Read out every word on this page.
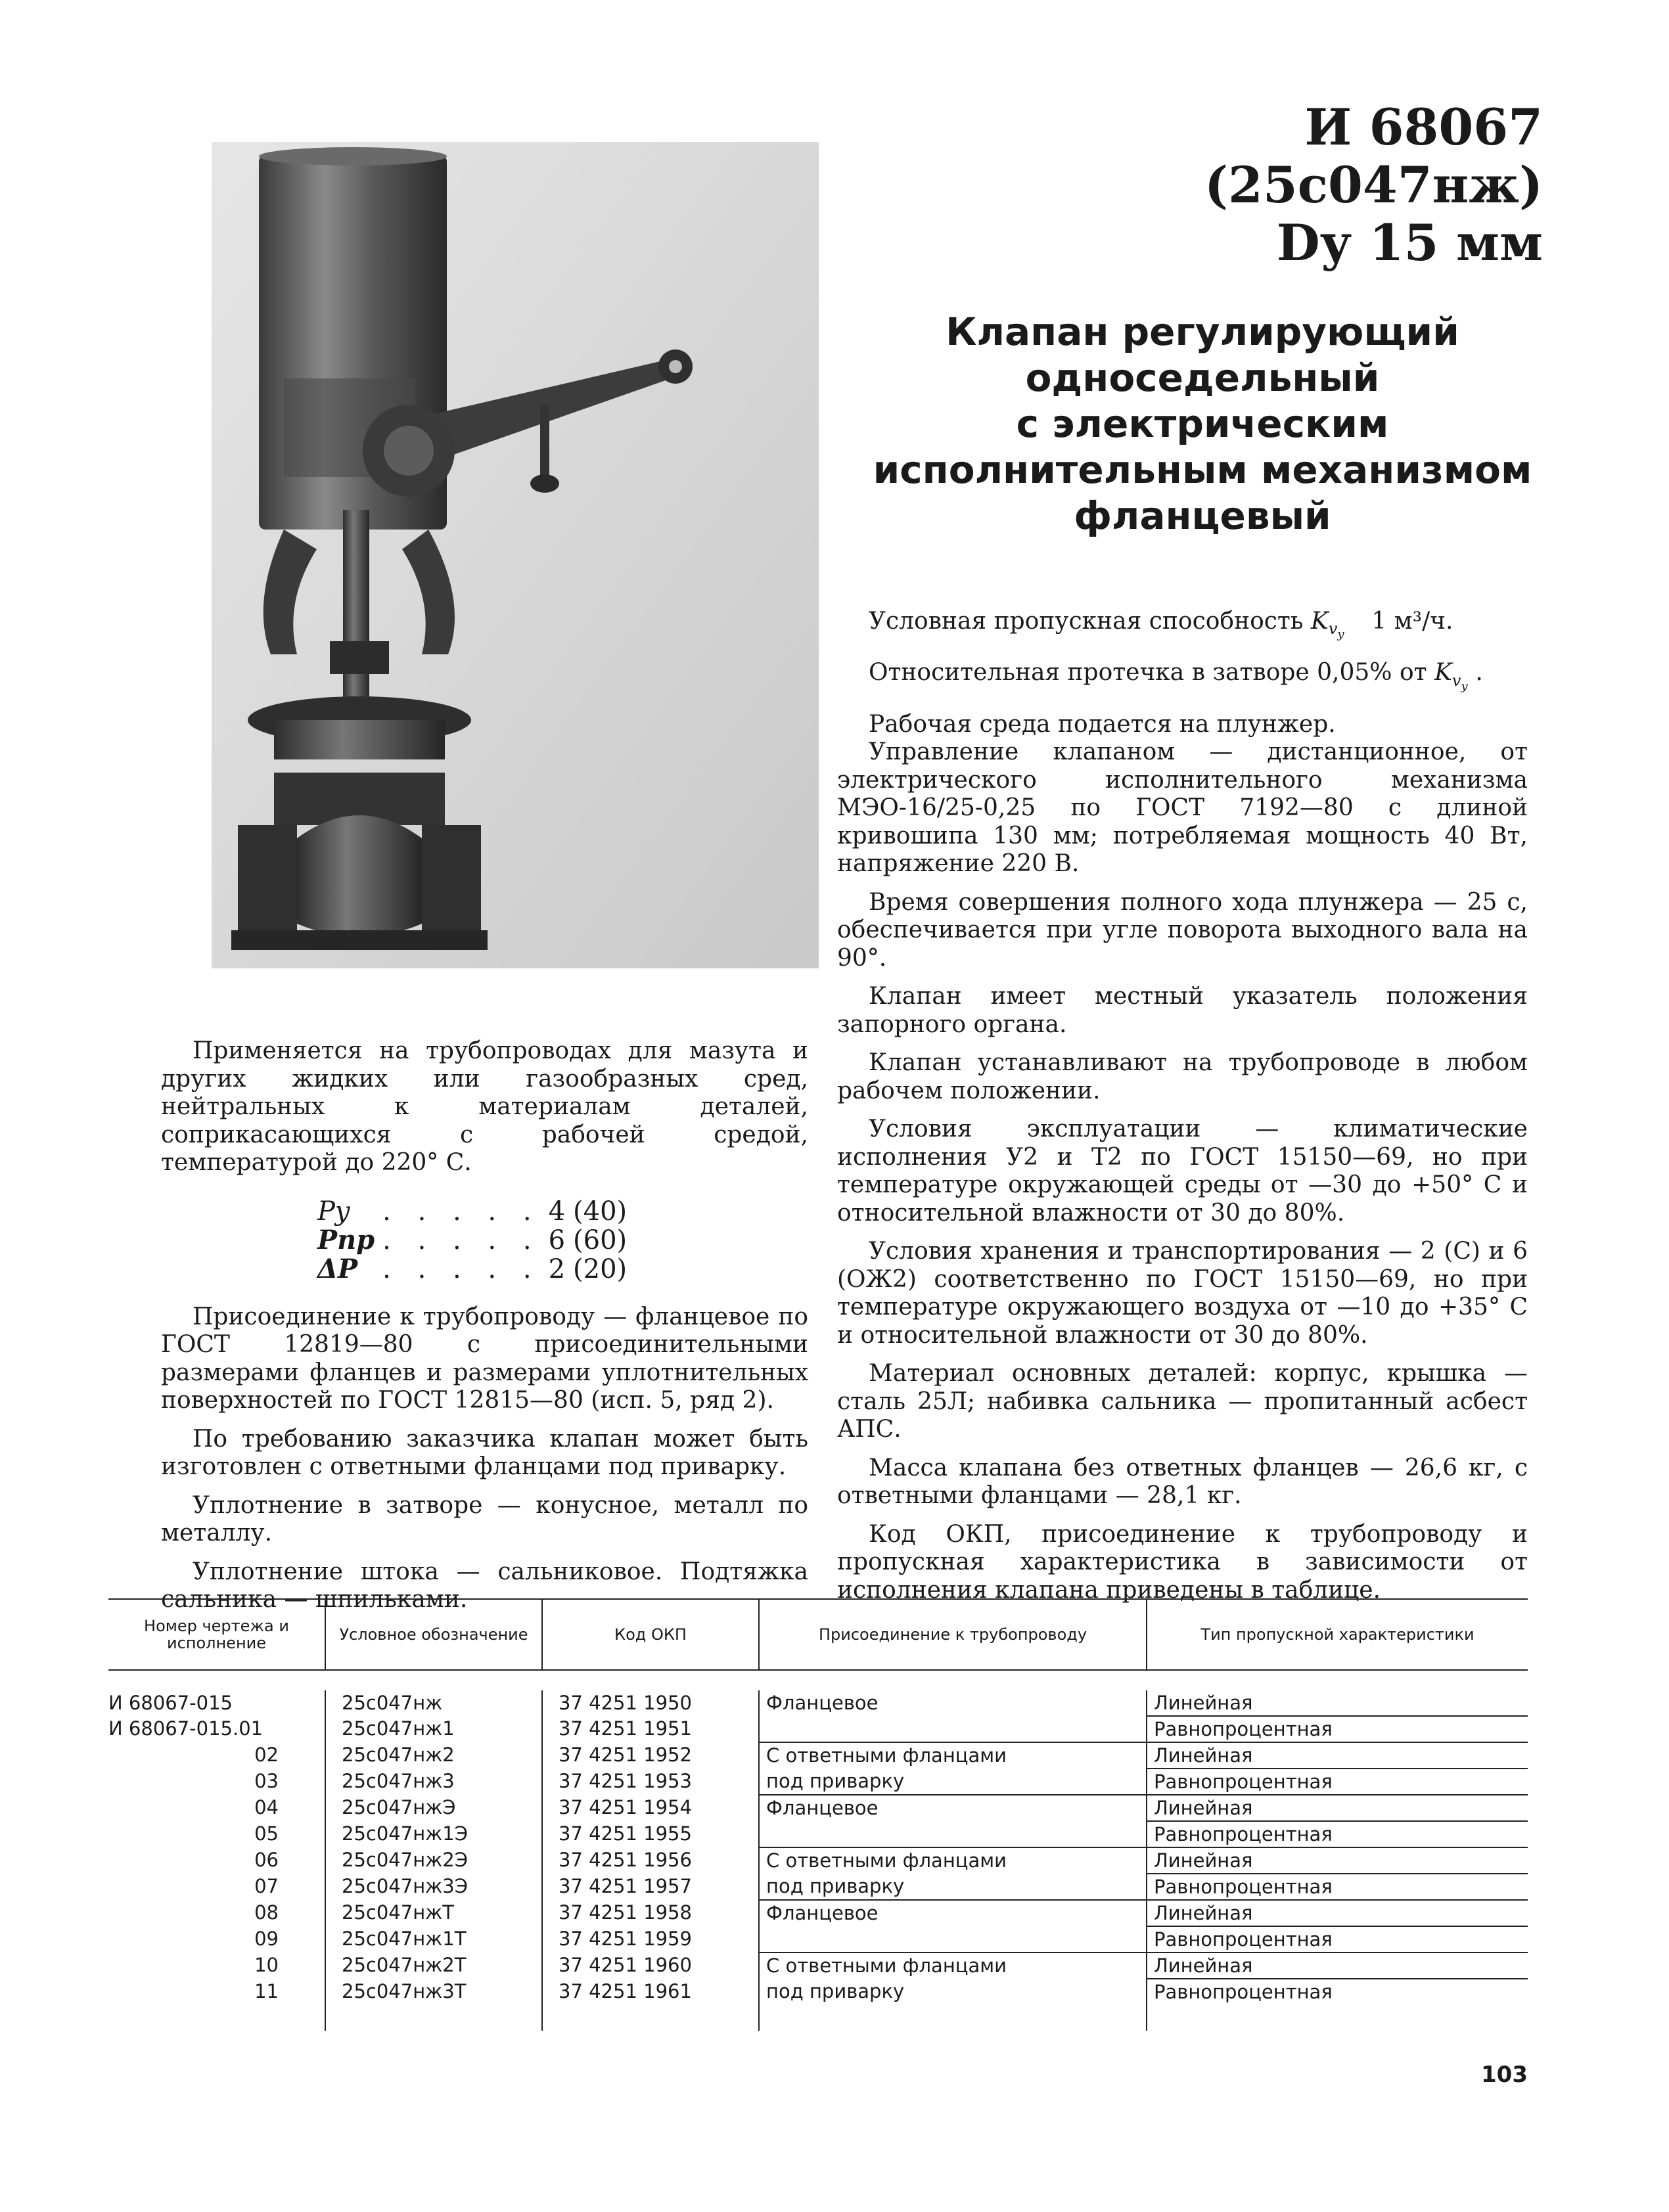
И 68067
(25с047нж)
Dу 15 мм
Клапан регулирующий
односедельный
с электрическим
исполнительным механизмом
фланцевый

Применяется на трубопроводах для мазута и других жидких или газообразных сред, нейтральных к материалам деталей, соприкасающихся с рабочей средой, температурой до 220° С.

Py	. . . . .	4	(40)
Pпр	. . . . .	6	(60)
ΔP	. . . . .	2	(20)

Присоединение к трубопроводу — фланцевое по ГОСТ 12819—80 с присоединительными размерами фланцев и размерами уплотнительных поверхностей по ГОСТ 12815—80 (исп. 5, ряд 2).

По требованию заказчика клапан может быть изготовлен с ответными фланцами под приварку.

Уплотнение в затворе — конусное, металл по металлу.

Уплотнение штока — сальниковое. Подтяжка сальника — шпильками.

Условная пропускная способность $K_{v_у}$ 1 м³/ч.

Относительная протечка в затворе 0,05% от $K_{v_у}$ .

Рабочая среда подается на плунжер.

Управление клапаном — дистанционное, от электрического исполнительного механизма МЭО-16/25-0,25 по ГОСТ 7192—80 с длиной кривошипа 130 мм; потребляемая мощность 40 Вт, напряжение 220 В.

Время совершения полного хода плунжера — 25 с, обеспечивается при угле поворота выходного вала на 90°.

Клапан имеет местный указатель положения запорного органа.

Клапан устанавливают на трубопроводе в любом рабочем положении.

Условия эксплуатации — климатические исполнения У2 и Т2 по ГОСТ 15150—69, но при температуре окружающей среды от —30 до +50° С и относительной влажности от 30 до 80%.

Условия хранения и транспортирования — 2 (С) и 6 (ОЖ2) соответственно по ГОСТ 15150—69, но при температуре окружающего воздуха от —10 до +35° С и относительной влажности от 30 до 80%.

Материал основных деталей: корпус, крышка — сталь 25Л; набивка сальника — пропитанный асбест АПС.

Масса клапана без ответных фланцев — 26,6 кг, с ответными фланцами — 28,1 кг.

Код ОКП, присоединение к трубопроводу и пропускная характеристика в зависимости от исполнения клапана приведены в таблице.

Номер чертежа и исполнение	Условное обозначение	Код ОКП	Присоединение к трубопроводу	Тип пропускной характеристики

И 68067-015	25с047нж	37 4251 1950	Фланцевое	Линейная
И 68067-015.01	25с047нж1	37 4251 1951		Равнопроцентная
02	25с047нж2	37 4251 1952	С ответными фланцами	Линейная
03	25с047нж3	37 4251 1953	под приварку	Равнопроцентная
04	25с047нжЭ	37 4251 1954	Фланцевое	Линейная
05	25с047нж1Э	37 4251 1955		Равнопроцентная
06	25с047нж2Э	37 4251 1956	С ответными фланцами	Линейная
07	25с047нж3Э	37 4251 1957	под приварку	Равнопроцентная
08	25с047нжТ	37 4251 1958	Фланцевое	Линейная
09	25с047нж1Т	37 4251 1959		Равнопроцентная
10	25с047нж2Т	37 4251 1960	С ответными фланцами	Линейная
11	25с047нж3Т	37 4251 1961	под приварку	Равнопроцентная

103
